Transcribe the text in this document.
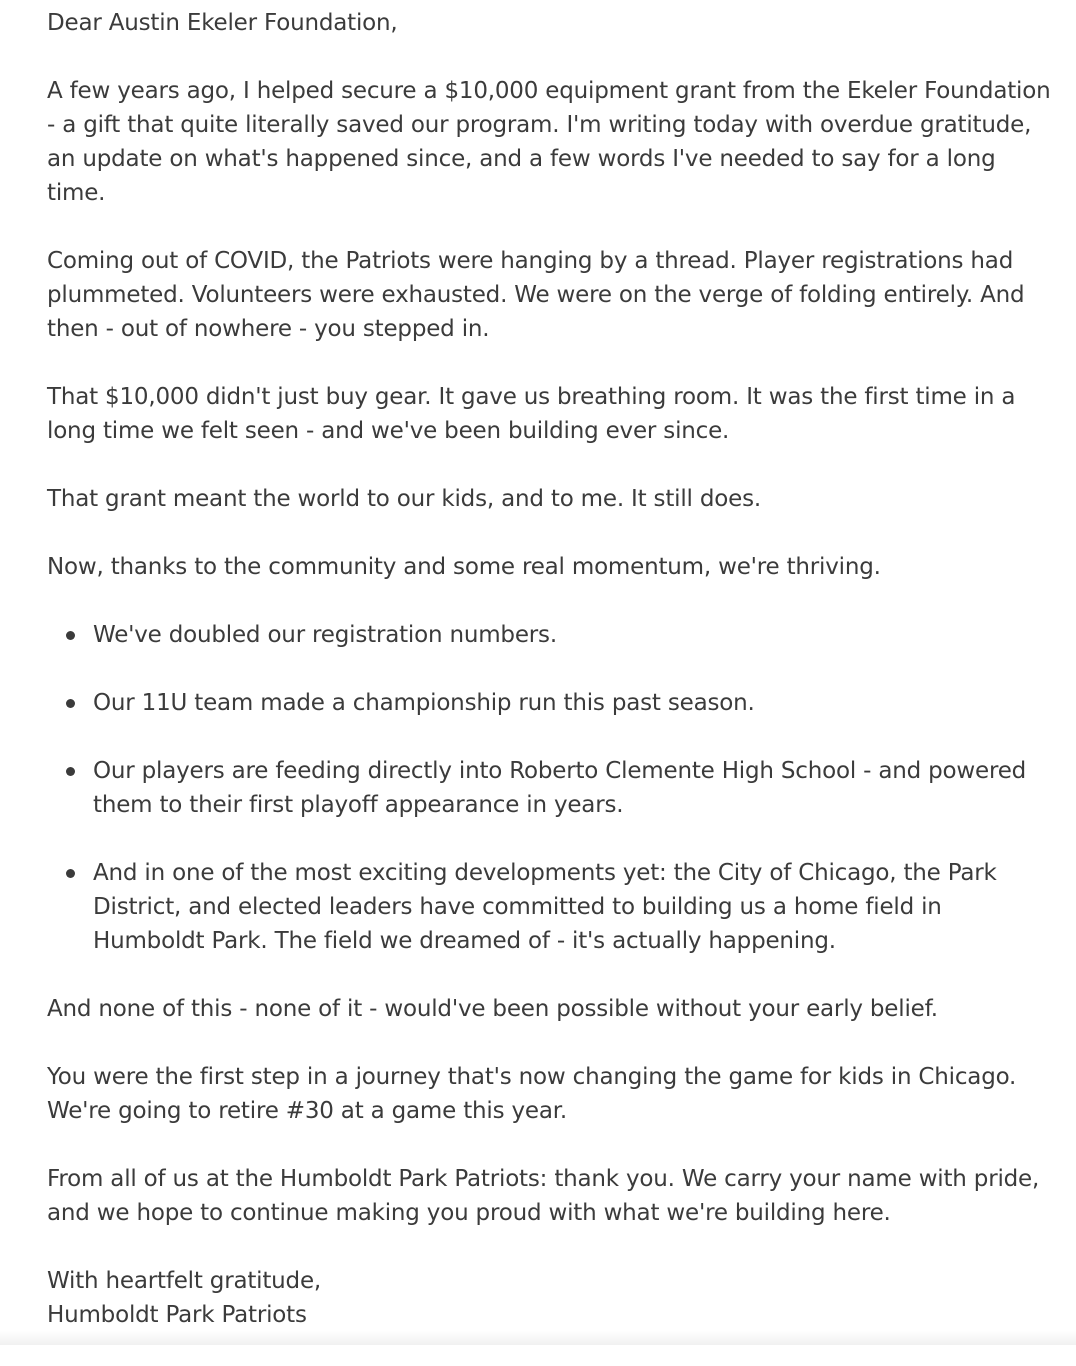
Dear Austin Ekeler Foundation,

A few years ago, I helped secure a $10,000 equipment grant from the Ekeler Foundation - a gift that quite literally saved our program. I'm writing today with overdue gratitude, an update on what's happened since, and a few words I've needed to say for a long time.

Coming out of COVID, the Patriots were hanging by a thread. Player registrations had plummeted. Volunteers were exhausted. We were on the verge of folding entirely. And then - out of nowhere - you stepped in.

That $10,000 didn't just buy gear. It gave us breathing room. It was the first time in a long time we felt seen - and we've been building ever since.

That grant meant the world to our kids, and to me. It still does.

Now, thanks to the community and some real momentum, we're thriving.

We've doubled our registration numbers.
Our 11U team made a championship run this past season.
Our players are feeding directly into Roberto Clemente High School - and powered them to their first playoff appearance in years.
And in one of the most exciting developments yet: the City of Chicago, the Park District, and elected leaders have committed to building us a home field in Humboldt Park. The field we dreamed of - it's actually happening.

And none of this - none of it - would've been possible without your early belief.

You were the first step in a journey that's now changing the game for kids in Chicago. We're going to retire #30 at a game this year.

From all of us at the Humboldt Park Patriots: thank you. We carry your name with pride, and we hope to continue making you proud with what we're building here.

With heartfelt gratitude,
Humboldt Park Patriots
